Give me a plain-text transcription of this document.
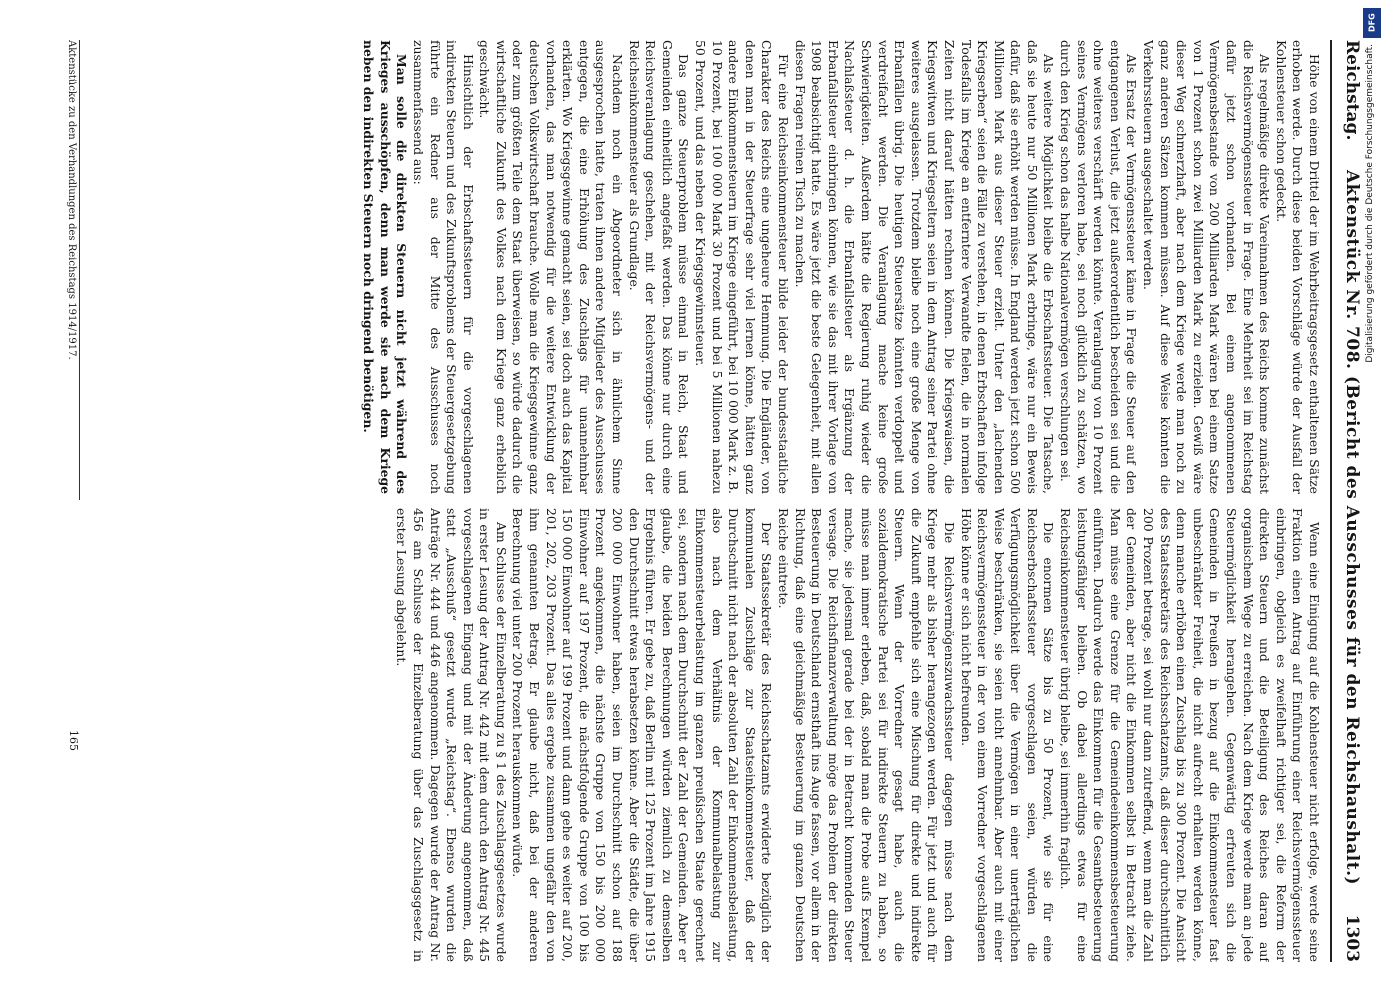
Reichstag.
Aktenstück Nr. 708. (Bericht des Ausschusses für den Reichshaushalt.)
1303

Höhe von einem Drittel der im Wehrbeitragsgesetz enthaltenen Sätze erhoben werde. Durch diese beiden Vorschläge würde der Ausfall der Kohlensteuer schon gedeckt.

Als regelmäßige direkte Vareinnahmen des Reichs komme zunächst die Reichsvermögenssteuer in Frage. Eine Mehrheit sei im Reichstag dafür jetzt schon vorhanden. Bei einem angenommenen Vermögensbestande von 200 Milliarden Mark wären bei einem Satze von 1 Prozent schon zwei Milliarden Mark zu erzielen. Gewiß wäre dieser Weg schmerzhaft, aber nach dem Kriege werde man noch zu ganz anderen Sätzen kommen müssen. Auf diese Weise könnten die Verkehrssteuern ausgeschaltet werden.

Als Ersatz der Vermögenssteuer käme in Frage die Steuer auf den entgangenen Verlust, die jetzt außerordentlich bescheiden sei und die ohne weiteres verschärft werden könnte. Veranlagung von 10 Prozent seines Vermögens verloren habe, sei noch glücklich zu schätzen, wo durch den Krieg schon das halbe Nationalvermögen verschlungen sei.

Als weitere Möglichkeit bleibe die Erbschaftssteuer. Die Tatsache, daß sie heute nur 50 Millionen Mark erbringe, wäre nur ein Beweis dafür, daß sie erhöht werden müsse. In England werden jetzt schon 500 Millionen Mark aus dieser Steuer erzielt. Unter den „lachenden Kriegserben“ seien die Fälle zu verstehen, in denen Erbschaften infolge Todesfalls im Kriege an entferntere Verwandte fielen, die in normalen Zeiten nicht darauf hätten rechnen können. Die Kriegswaisen, die Kriegswitwen und Kriegseltern seien in dem Antrag seiner Partei ohne weiteres ausgelassen. Trotzdem bleibe noch eine große Menge von Erbanfällen übrig. Die heutigen Steuersätze könnten verdoppelt und verdreifacht werden. Die Veranlagung mache keine große Schwierigkeiten. Außerdem hätte die Regierung ruhig wieder die Nachlaßsteuer d. h. die Erbanfallsteuer als Ergänzung der Erbanfallsteuer einbringen können, wie sie das mit ihrer Vorlage von 1908 beabsichtigt hatte. Es wäre jetzt die beste Gelegenheit, mit allen diesen Fragen reinen Tisch zu machen.

Für eine Reichseinkommensteuer bilde leider der bundesstaatliche Charakter des Reichs eine ungeheure Hemmung. Die Engländer, von denen man in der Steuerfrage sehr viel lernen könne, hätten ganz andere Einkommensteuern im Kriege eingeführt, bei 10 000 Mark z. B. 10 Prozent, bei 100 000 Mark 30 Prozent und bei 5 Millionen nahezu 50 Prozent, und das neben der Kriegsgewinnsteuer.

Das ganze Steuerproblem müsse einmal in Reich, Staat und Gemeinden einheitlich angefaßt werden. Das könne nur durch eine Reichsveranlagung geschehen, mit der Reichsvermögens- und der Reichseinkommensteuer als Grundlage.

Nachdem noch ein Abgeordneter sich in ähnlichem Sinne ausgesprochen hatte, traten ihnen andere Mitglieder des Ausschusses entgegen, die eine Erhöhung des Zuschlags für unannehmbar erklärten. Wo Kriegsgewinne gemacht seien, sei doch auch das Kapital vorhanden, das man notwendig für die weitere Entwicklung der deutschen Volkswirtschaft brauche. Wolle man die Kriegsgewinne ganz oder zum größten Teile dem Staat überweisen, so würde dadurch die wirtschaftliche Zukunft des Volkes nach dem Kriege ganz erheblich geschwächt.

Hinsichtlich der Erbschaftssteuern für die vorgeschlagenen indirekten Steuern und des Zukunftsproblems der Steuergesetzgebung führte ein Redner aus der Mitte des Ausschusses noch zusammenfassend aus:

Man solle die direkten Steuern nicht jetzt während des Krieges ausschöpfen, denn man werde sie nach dem Kriege neben den indirekten Steuern noch dringend benötigen.

Wenn eine Einigung auf die Kohlensteuer nicht erfolge, werde seine Fraktion einen Antrag auf Einführung einer Reichsvermögenssteuer einbringen, obgleich es zweifelhaft richtiger sei, die Reform der direkten Steuern und die Beteiligung des Reiches daran auf organischem Wege zu erreichen. Nach dem Kriege werde man an jede Steuermöglichkeit herangehen. Gegenwärtig erfreuten sich die Gemeinden in Preußen in bezug auf die Einkommensteuer fast unbeschränkter Freiheit, die nicht aufrecht erhalten werden könne, denn manche erhöben einen Zuschlag bis zu 300 Prozent. Die Ansicht des Staatssekretärs des Reichsschatzamts, daß dieser durchschnittlich 200 Prozent betrage, sei wohl nur dann zutreffend, wenn man die Zahl der Gemeinden, aber nicht die Einkommen selbst in Betracht ziehe. Man müsse eine Grenze für die Gemeindeeinkommensbesteuerung einführen. Dadurch werde das Einkommen für die Gesamtbesteuerung leistungsfähiger bleiben. Ob dabei allerdings etwas für eine Reichseinkommensteuer übrig bleibe, sei immerhin fraglich.

Die enormen Sätze bis zu 50 Prozent, wie sie für eine Reichserbschaftssteuer vorgeschlagen seien, würden die Verfügungsmöglichkeit über die Vermögen in einer unerträglichen Weise beschränken, sie seien nicht annehmbar. Aber auch mit einer Reichsvermögenssteuer in der von einem Vorredner vorgeschlagenen Höhe könne er sich nicht befreunden.

Die Reichsvermögenszuwachssteuer dagegen müsse nach dem Kriege mehr als bisher herangezogen werden. Für jetzt und auch für die Zukunft empfehle sich eine Mischung für direkte und indirekte Steuern. Wenn der Vorredner gesagt habe, auch die sozialdemokratische Partei sei für indirekte Steuern zu haben, so müsse man immer erleben, daß, sobald man die Probe aufs Exempel mache, sie jedesmal gerade bei der in Betracht kommenden Steuer versage. Die Reichsfinanzverwaltung möge das Problem der direkten Besteuerung in Deutschland ernsthaft ins Auge fassen, vor allem in der Richtung, daß eine gleichmäßige Besteuerung im ganzen Deutschen Reiche eintrete.

Der Staatssekretär des Reichsschatzamts erwiderte bezüglich der kommunalen Zuschläge zur Staatseinkommensteuer, daß der Durchschnitt nicht nach der absoluten Zahl der Einkommensbelastung, also nach dem Verhältnis der Kommunalbelastung zur Einkommensteuerbelastung im ganzen preußischen Staate gerechnet sei, sondern nach dem Durchschnitt der Zahl der Gemeinden. Aber er glaube, die beiden Berechnungen würden ziemlich zu demselben Ergebnis führen. Er gebe zu, daß Berlin mit 125 Prozent im Jahre 1915 den Durchschnitt etwas herabsetzen könne. Aber die Städte, die über 200 000 Einwohner haben, seien im Durchschnitt schon auf 188 Prozent angekommen, die nächste Gruppe von 150 bis 200 000 Einwohner auf 197 Prozent, die nächstfolgende Gruppe von 100 bis 150 000 Einwohner auf 199 Prozent und dann gehe es weiter auf 200, 201, 202, 203 Prozent. Das alles ergebe zusammen ungefähr den von ihm genannten Betrag. Er glaube nicht, daß bei der anderen Berechnung viel unter 200 Prozent herauskommen würde.

Am Schlusse der Einzelberatung zu § 1 des Zuschlagsgesetzes wurde in erster Lesung der Antrag Nr. 442 mit dem durch den Antrag Nr. 445 vorgeschlagenen Eingang und mit der Änderung angenommen, daß statt „Ausschuß“ gesetzt wurde „Reichstag“. Ebenso wurden die Anträge Nr. 444 und 446 angenommen. Dagegen wurde der Antrag Nr. 456 am Schlusse der Einzelberatung über das Zuschlagsgesetz in erster Lesung abgelehnt.

Aktenstücke zu den Verhandlungen des Reichstags 1914/1917.
165
DFG
Digitalisierung gefördert durch die Deutsche Forschungsgemeinschaft.
